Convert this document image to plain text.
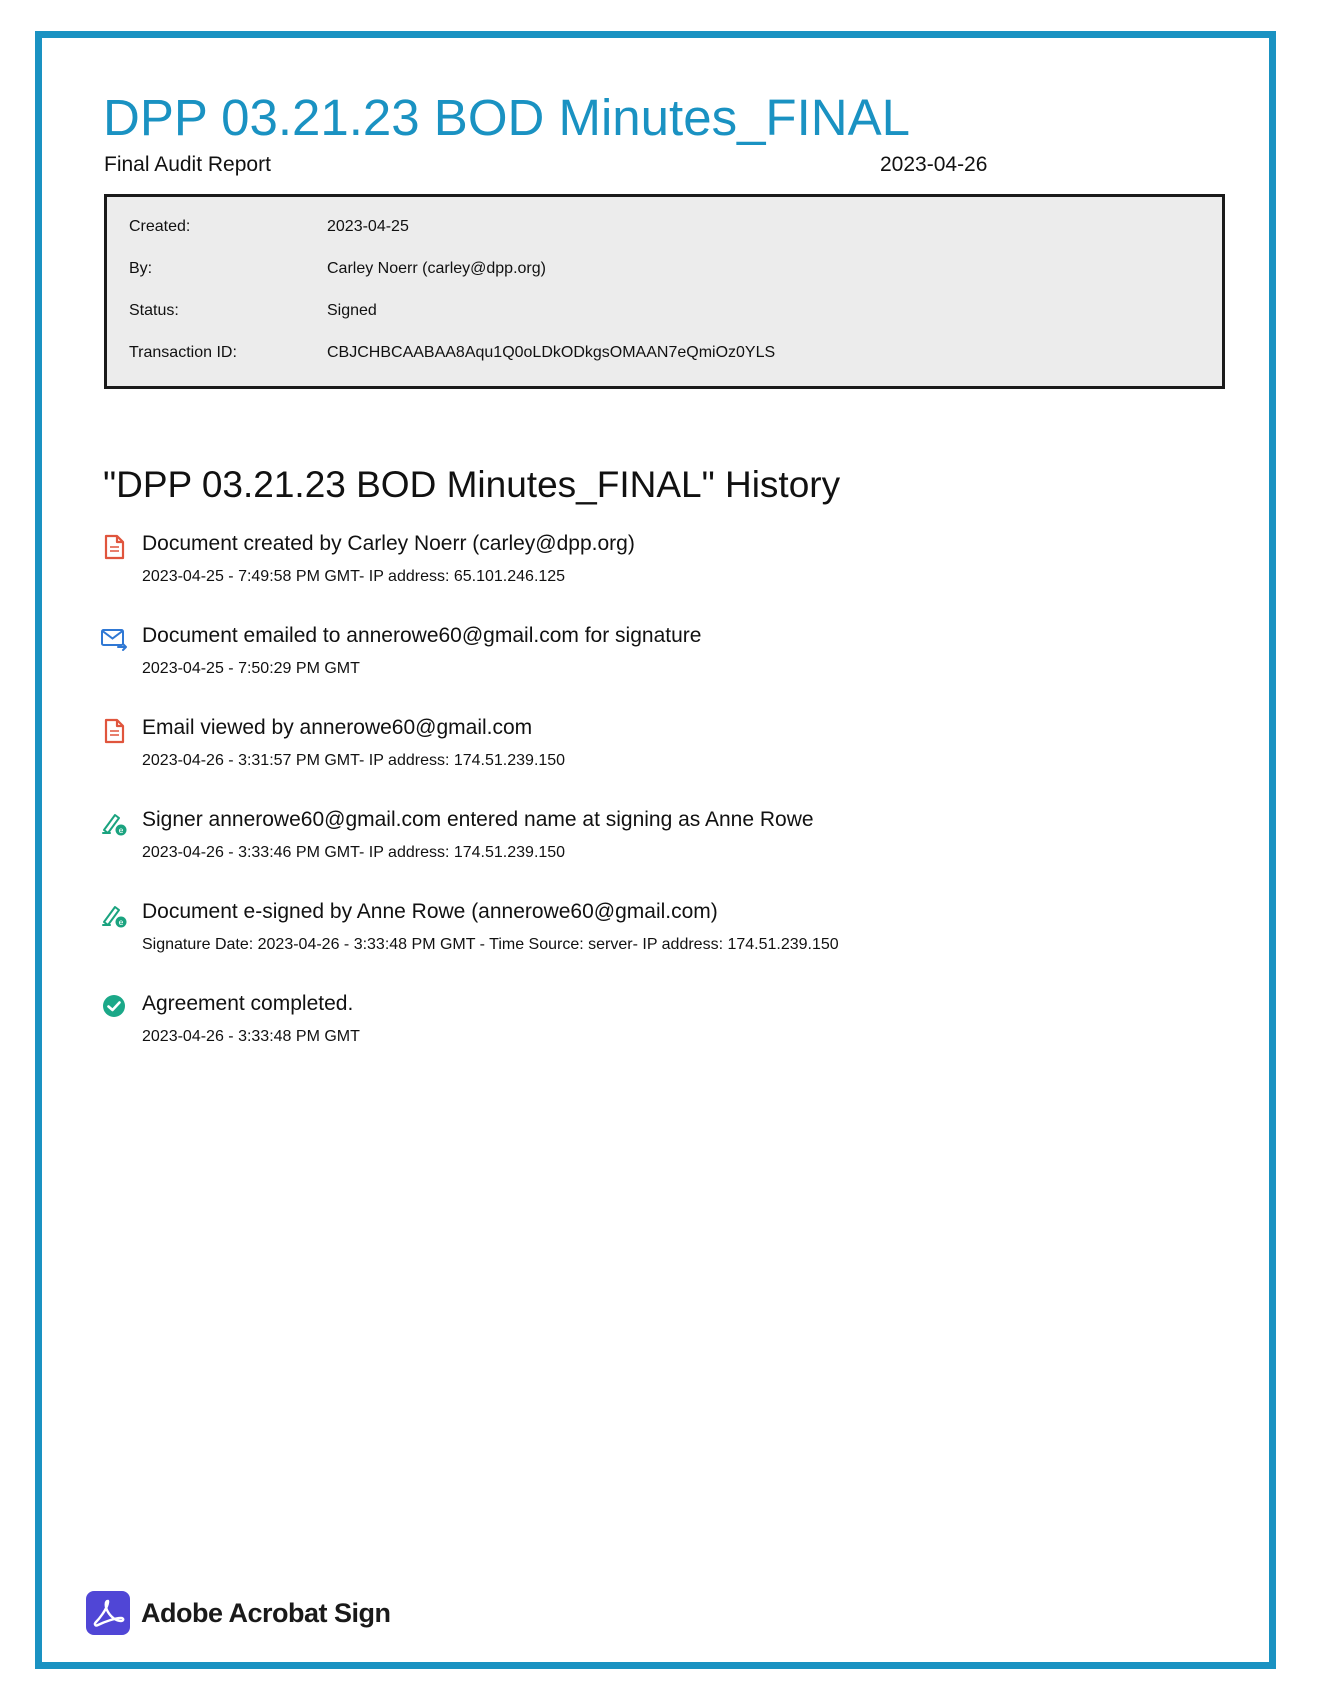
DPP 03.21.23 BOD Minutes_FINAL
Final Audit Report	2023-04-26
Created:	2023-04-25
By:	Carley Noerr (carley@dpp.org)
Status:	Signed
Transaction ID:	CBJCHBCAABAA8Aqu1Q0oLDkODkgsOMAAN7eQmiOz0YLS
"DPP 03.21.23 BOD Minutes_FINAL" History
Document created by Carley Noerr (carley@dpp.org)
2023-04-25 - 7:49:58 PM GMT- IP address: 65.101.246.125
Document emailed to annerowe60@gmail.com for signature
2023-04-25 - 7:50:29 PM GMT
Email viewed by annerowe60@gmail.com
2023-04-26 - 3:31:57 PM GMT- IP address: 174.51.239.150
e Signer annerowe60@gmail.com entered name at signing as Anne Rowe
2023-04-26 - 3:33:46 PM GMT- IP address: 174.51.239.150
e Document e-signed by Anne Rowe (annerowe60@gmail.com)
Signature Date: 2023-04-26 - 3:33:48 PM GMT - Time Source: server- IP address: 174.51.239.150
Agreement completed.
2023-04-26 - 3:33:48 PM GMT
Adobe Acrobat Sign
